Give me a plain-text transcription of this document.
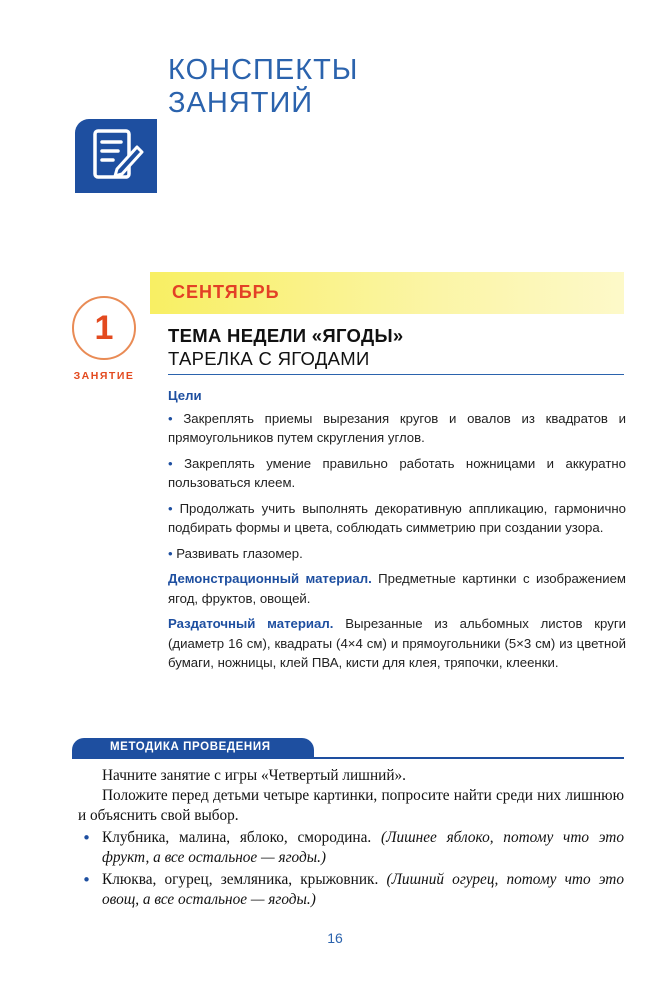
КОНСПЕКТЫ
ЗАНЯТИЙ
СЕНТЯБРЬ
1
ЗАНЯТИЕ
ТЕМА НЕДЕЛИ «ЯГОДЫ»
ТАРЕЛКА С ЯГОДАМИ
Цели

• Закреплять приемы вырезания кругов и овалов из квадратов и прямоугольников путем скругления углов.

• Закреплять умение правильно работать ножницами и аккуратно пользоваться клеем.

• Продолжать учить выполнять декоративную аппликацию, гармонично подбирать формы и цвета, соблюдать симметрию при создании узора.

• Развивать глазомер.

Демонстрационный материал. Предметные картинки с изображением ягод, фруктов, овощей.

Раздаточный материал. Вырезанные из альбомных листов круги (диаметр 16 см), квадраты (4×4 см) и прямоугольники (5×3 см) из цветной бумаги, ножницы, клей ПВА, кисти для клея, тряпочки, клеенки.

МЕТОДИКА ПРОВЕДЕНИЯ

Начните занятие с игры «Четвертый лишний».

Положите перед детьми четыре картинки, попросите найти среди них лишнюю и объяснить свой выбор.

• Клубника, малина, яблоко, смородина. (Лишнее яблоко, потому что это фрукт, а все остальное — ягоды.)
• Клюква, огурец, земляника, крыжовник. (Лишний огурец, потому что это овощ, а все остальное — ягоды.)
16
